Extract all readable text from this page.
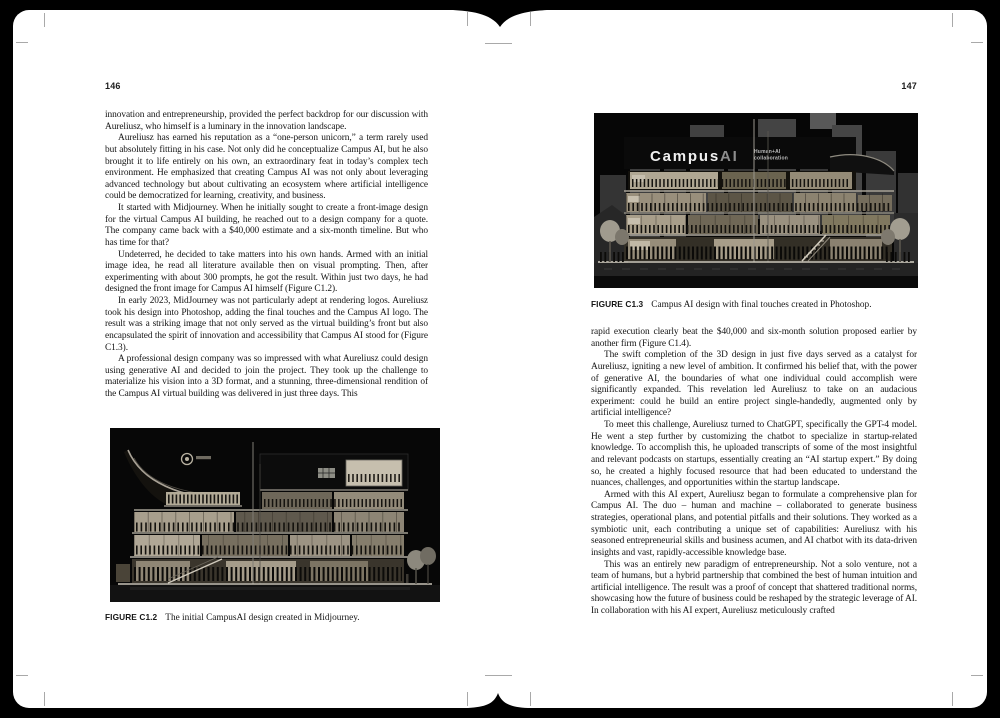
146

innovation and entrepreneurship, provided the perfect backdrop for our discussion with Aureliusz, who himself is a luminary in the innovation landscape.

Aureliusz has earned his reputation as a “one-person unicorn,” a term rarely used but absolutely fitting in his case. Not only did he conceptualize Campus AI, but he also brought it to life entirely on his own, an extraordinary feat in today’s complex tech environment. He emphasized that creating Campus AI was not only about leveraging advanced technology but about cultivating an ecosystem where artificial intelligence could be democratized for learning, creativity, and business.

It started with Midjourney. When he initially sought to create a front-image design for the virtual Campus AI building, he reached out to a design company for a quote. The company came back with a $40,000 estimate and a six-month timeline. But who has time for that?

Undeterred, he decided to take matters into his own hands. Armed with an initial image idea, he read all literature available then on visual prompting. Then, after experimenting with about 300 prompts, he got the result. Within just two days, he had designed the front image for Campus AI himself (Figure C1.2).

In early 2023, MidJourney was not particularly adept at rendering logos. Aureliusz took his design into Photoshop, adding the final touches and the Campus AI logo. The result was a striking image that not only served as the virtual building’s front but also encapsulated the spirit of innovation and accessibility that Campus AI stood for (Figure C1.3).

A professional design company was so impressed with what Aureliusz could design using generative AI and decided to join the project. They took up the challenge to materialize his vision into a 3D format, and a stunning, three-dimensional rendition of the Campus AI virtual building was delivered in just three days. This

FIGURE C1.2 The initial CampusAI design created in Midjourney.
147
CampusAI	Human+AI
collaboration
FIGURE C1.3 Campus AI design with final touches created in Photoshop.

rapid execution clearly beat the $40,000 and six-month solution proposed earlier by another firm (Figure C1.4).

The swift completion of the 3D design in just five days served as a catalyst for Aureliusz, igniting a new level of ambition. It confirmed his belief that, with the power of generative AI, the boundaries of what one individual could accomplish were significantly expanded. This revelation led Aureliusz to take on an audacious experiment: could he build an entire project single-handedly, augmented only by artificial intelligence?

To meet this challenge, Aureliusz turned to ChatGPT, specifically the GPT-4 model. He went a step further by customizing the chatbot to specialize in startup-related knowledge. To accomplish this, he uploaded transcripts of some of the most insightful and relevant podcasts on startups, essentially creating an “AI startup expert.” By doing so, he created a highly focused resource that had been educated to understand the nuances, challenges, and opportunities within the startup landscape.

Armed with this AI expert, Aureliusz began to formulate a comprehensive plan for Campus AI. The duo – human and machine – collaborated to generate business strategies, operational plans, and potential pitfalls and their solutions. They worked as a symbiotic unit, each contributing a unique set of capabilities: Aureliusz with his seasoned entrepreneurial skills and business acumen, and AI chatbot with its data-driven insights and vast, rapidly-accessible knowledge base.

This was an entirely new paradigm of entrepreneurship. Not a solo venture, not a team of humans, but a hybrid partnership that combined the best of human intuition and artificial intelligence. The result was a proof of concept that shattered traditional norms, showcasing how the future of business could be reshaped by the strategic leverage of AI. In collaboration with his AI expert, Aureliusz meticulously crafted
